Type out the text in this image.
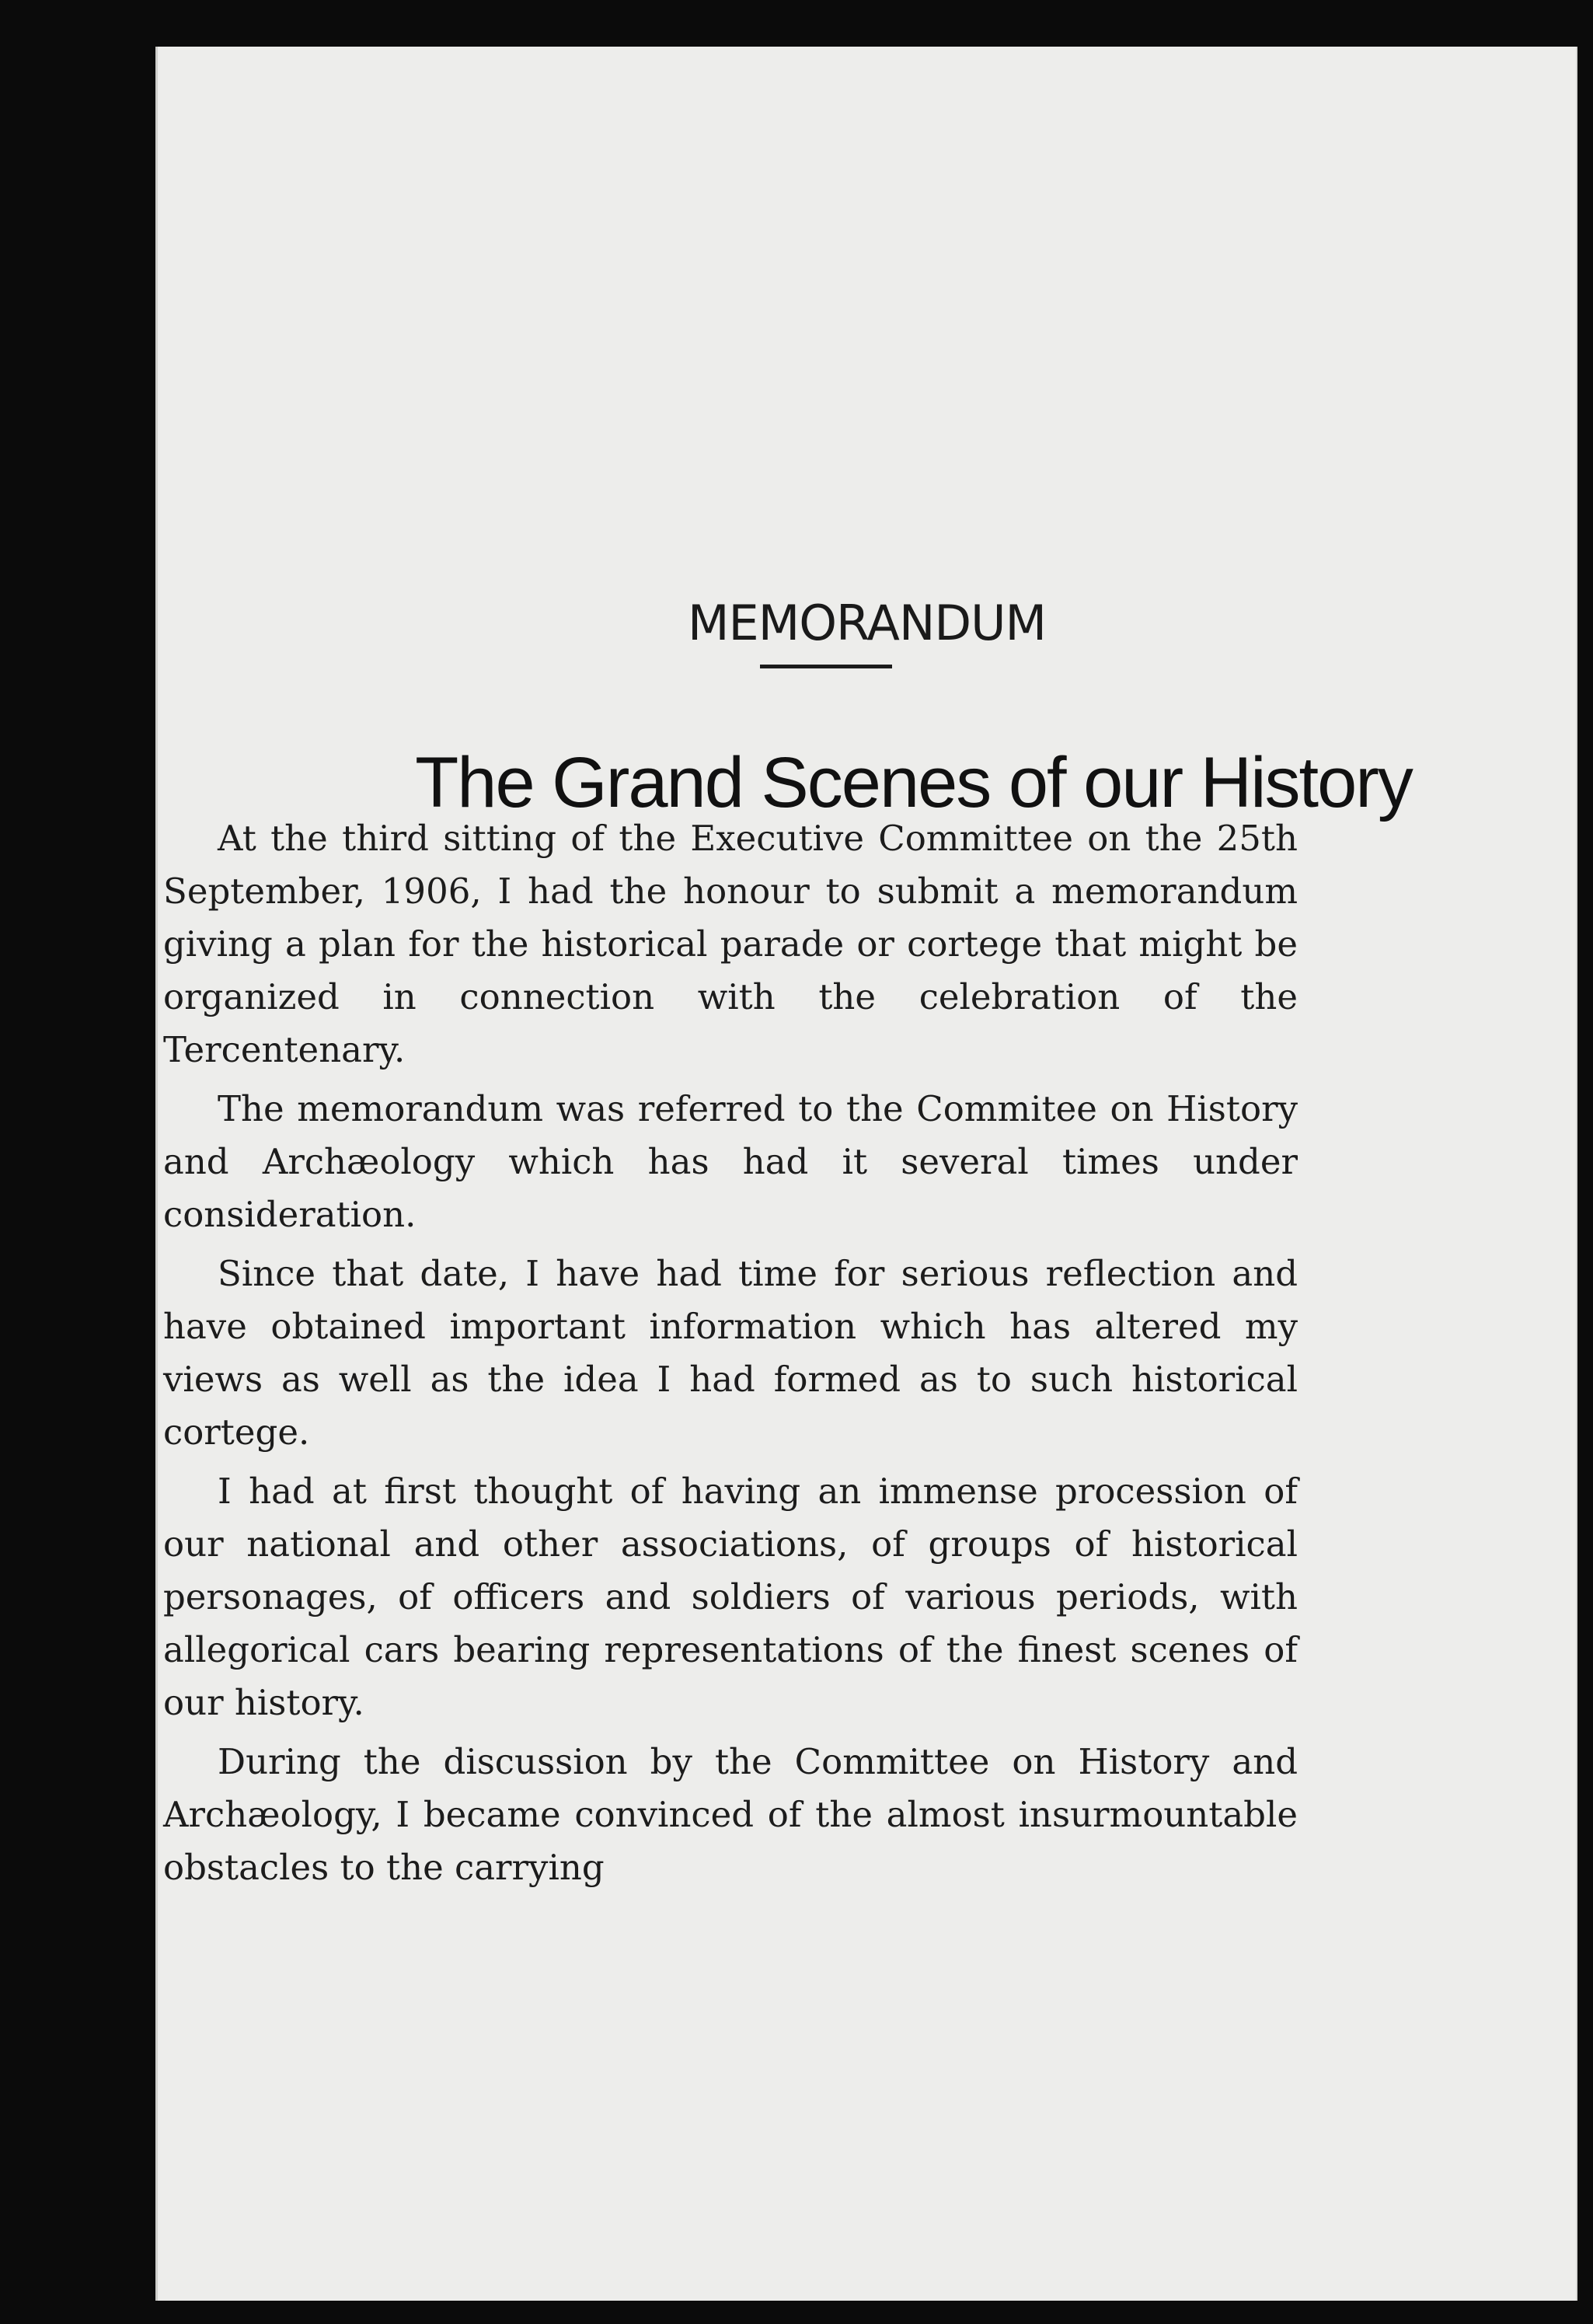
MEMORANDUM
The Grand Scenes of our History

At the third sitting of the Executive Committee on the 25th September, 1906, I had the honour to submit a memorandum giving a plan for the historical parade or cortege that might be organized in connection with the celebration of the Tercentenary.

The memorandum was referred to the Commitee on History and Archæology which has had it several times under consideration.

Since that date, I have had time for serious reflection and have obtained important information which has altered my views as well as the idea I had formed as to such historical cortege.

I had at first thought of having an immense procession of our national and other associations, of groups of historical personages, of officers and soldiers of various periods, with allegorical cars bearing representations of the finest scenes of our history.

During the discussion by the Committee on History and Archæology, I became convinced of the almost insurmountable obstacles to the carrying
